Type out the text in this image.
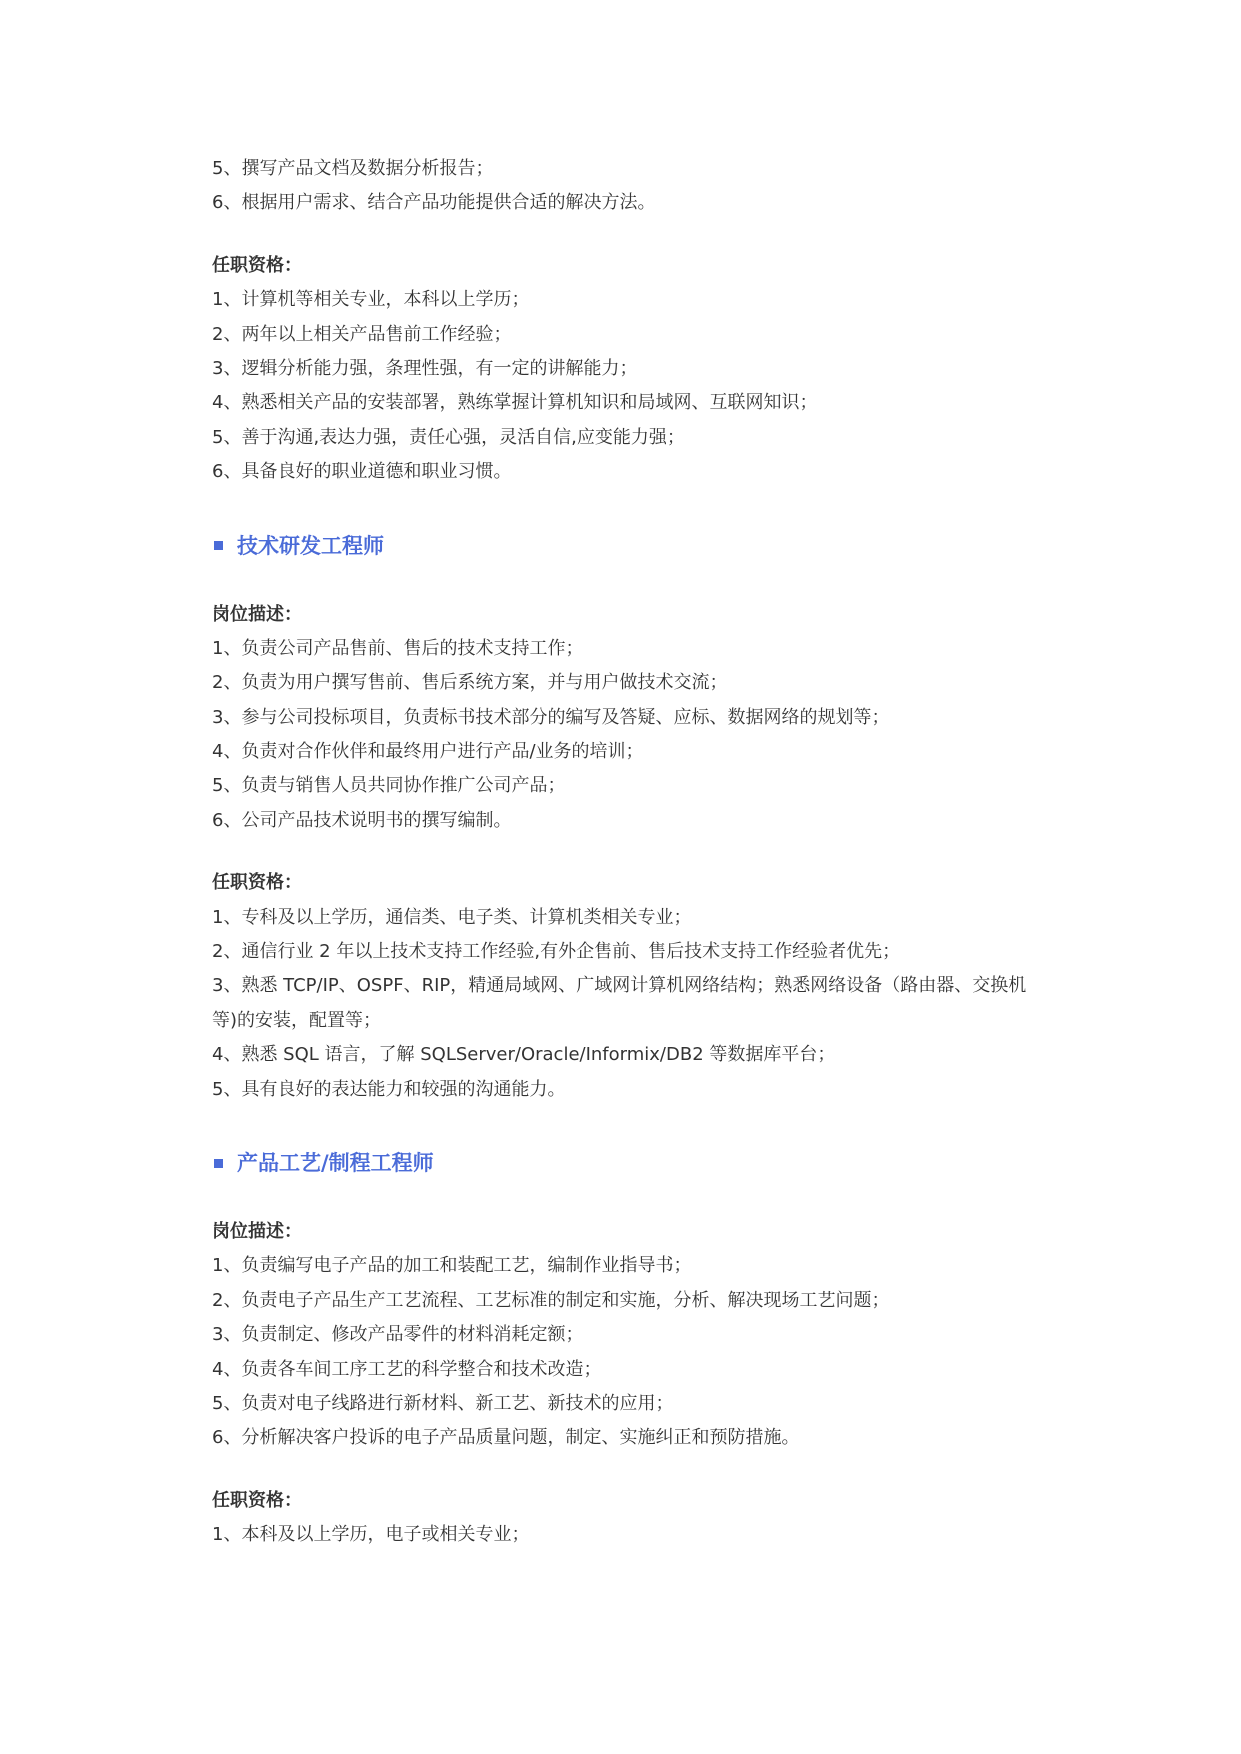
5、撰写产品文档及数据分析报告；

6、根据用户需求、结合产品功能提供合适的解决方法。

任职资格：

1、计算机等相关专业，本科以上学历；

2、两年以上相关产品售前工作经验；

3、逻辑分析能力强，条理性强，有一定的讲解能力；

4、熟悉相关产品的安装部署，熟练掌握计算机知识和局域网、互联网知识；

5、善于沟通,表达力强，责任心强，灵活自信,应变能力强；

6、具备良好的职业道德和职业习惯。

技术研发工程师

岗位描述：

1、负责公司产品售前、售后的技术支持工作；

2、负责为用户撰写售前、售后系统方案，并与用户做技术交流；

3、参与公司投标项目，负责标书技术部分的编写及答疑、应标、数据网络的规划等；

4、负责对合作伙伴和最终用户进行产品/业务的培训；

5、负责与销售人员共同协作推广公司产品；

6、公司产品技术说明书的撰写编制。

任职资格：

1、专科及以上学历，通信类、电子类、计算机类相关专业；

2、通信行业 2 年以上技术支持工作经验,有外企售前、售后技术支持工作经验者优先；

3、熟悉 TCP/IP、OSPF、RIP，精通局域网、广域网计算机网络结构；熟悉网络设备（路由器、交换机等)的安装，配置等；

4、熟悉 SQL 语言，了解 SQLServer/Oracle/Informix/DB2 等数据库平台；

5、具有良好的表达能力和较强的沟通能力。

产品工艺/制程工程师

岗位描述：

1、负责编写电子产品的加工和装配工艺，编制作业指导书；

2、负责电子产品生产工艺流程、工艺标准的制定和实施，分析、解决现场工艺问题；

3、负责制定、修改产品零件的材料消耗定额；

4、负责各车间工序工艺的科学整合和技术改造；

5、负责对电子线路进行新材料、新工艺、新技术的应用；

6、分析解决客户投诉的电子产品质量问题，制定、实施纠正和预防措施。

任职资格：

1、本科及以上学历，电子或相关专业；
